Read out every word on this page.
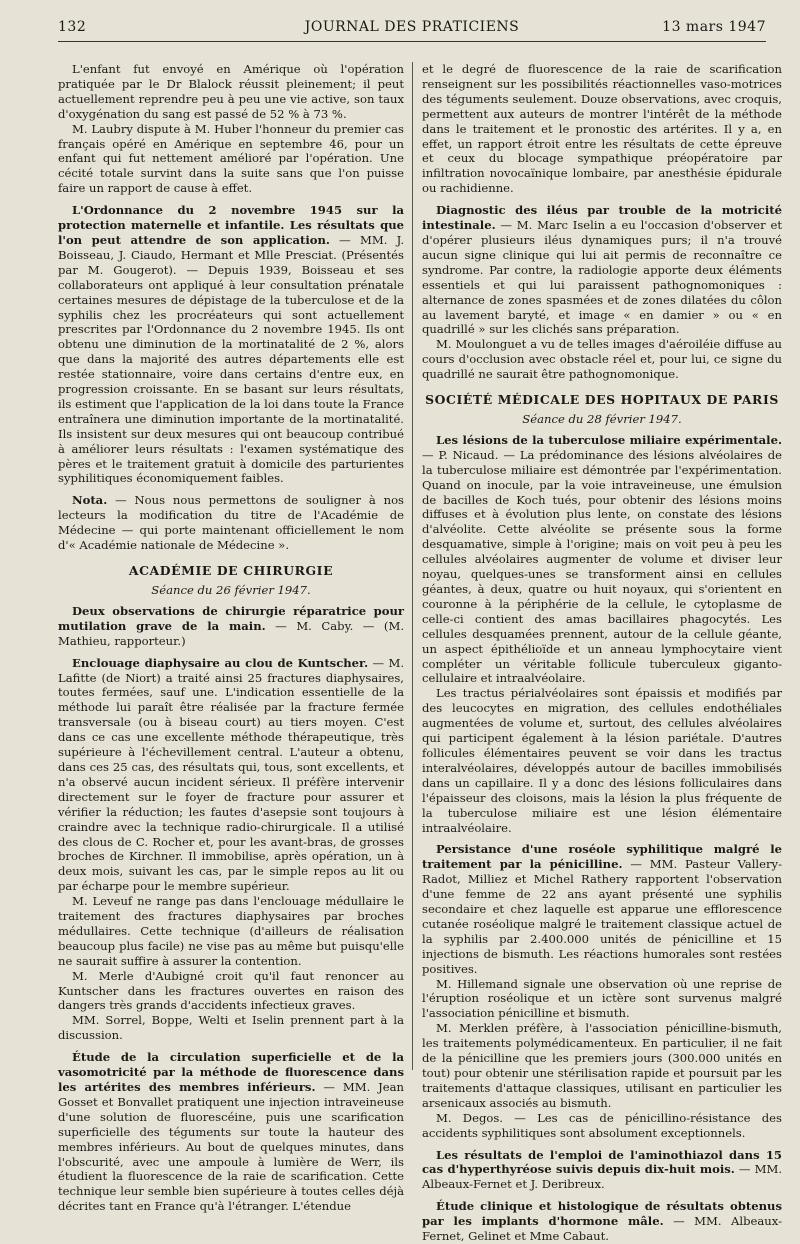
132	JOURNAL DES PRATICIENS	13 mars 1947

L'enfant fut envoyé en Amérique où l'opération pratiquée par le Dr Blalock réussit pleinement; il peut actuellement reprendre peu à peu une vie active, son taux d'oxygénation du sang est passé de 52 % à 73 %.

M. Laubry dispute à M. Huber l'honneur du premier cas français opéré en Amérique en septembre 46, pour un enfant qui fut nettement amélioré par l'opération. Une cécité totale survint dans la suite sans que l'on puisse faire un rapport de cause à effet.

L'Ordonnance du 2 novembre 1945 sur la protection maternelle et infantile. Les résultats que l'on peut attendre de son application. — MM. J. Boisseau, J. Ciaudo, Hermant et Mlle Presciat. (Présentés par M. Gougerot). — Depuis 1939, Boisseau et ses collaborateurs ont appliqué à leur consultation prénatale certaines mesures de dépistage de la tuberculose et de la syphilis chez les procréateurs qui sont actuellement prescrites par l'Ordonnance du 2 novembre 1945. Ils ont obtenu une diminution de la mortinatalité de 2 %, alors que dans la majorité des autres départements elle est restée stationnaire, voire dans certains d'entre eux, en progression croissante. En se basant sur leurs résultats, ils estiment que l'application de la loi dans toute la France entraînera une diminution importante de la mortinatalité. Ils insistent sur deux mesures qui ont beaucoup contribué à améliorer leurs résultats : l'examen systématique des pères et le traitement gratuit à domicile des parturientes syphilitiques économiquement faibles.

Nota. — Nous nous permettons de souligner à nos lecteurs la modification du titre de l'Académie de Médecine — qui porte maintenant officiellement le nom d'« Académie nationale de Médecine ».

ACADÉMIE DE CHIRURGIE

Séance du 26 février 1947.

Deux observations de chirurgie réparatrice pour mutilation grave de la main. — M. Caby. — (M. Mathieu, rapporteur.)

Enclouage diaphysaire au clou de Kuntscher. — M. Lafitte (de Niort) a traité ainsi 25 fractures diaphysaires, toutes fermées, sauf une. L'indication essentielle de la méthode lui paraît être réalisée par la fracture fermée transversale (ou à biseau court) au tiers moyen. C'est dans ce cas une excellente méthode thérapeutique, très supérieure à l'échevillement central. L'auteur a obtenu, dans ces 25 cas, des résultats qui, tous, sont excellents, et n'a observé aucun incident sérieux. Il préfère intervenir directement sur le foyer de fracture pour assurer et vérifier la réduction; les fautes d'asepsie sont toujours à craindre avec la technique radio-chirurgicale. Il a utilisé des clous de C. Rocher et, pour les avant-bras, de grosses broches de Kirchner. Il immobilise, après opération, un à deux mois, suivant les cas, par le simple repos au lit ou par écharpe pour le membre supérieur.

M. Leveuf ne range pas dans l'enclouage médullaire le traitement des fractures diaphysaires par broches médullaires. Cette technique (d'ailleurs de réalisation beaucoup plus facile) ne vise pas au même but puisqu'elle ne saurait suffire à assurer la contention.

M. Merle d'Aubigné croit qu'il faut renoncer au Kuntscher dans les fractures ouvertes en raison des dangers très grands d'accidents infectieux graves.

MM. Sorrel, Boppe, Welti et Iselin prennent part à la discussion.

Étude de la circulation superficielle et de la vasomotricité par la méthode de fluorescence dans les artérites des membres inférieurs. — MM. Jean Gosset et Bonvallet pratiquent une injection intraveineuse d'une solution de fluorescéine, puis une scarification superficielle des téguments sur toute la hauteur des membres inférieurs. Au bout de quelques minutes, dans l'obscurité, avec une ampoule à lumière de Werr, ils étudient la fluorescence de la raie de scarification. Cette technique leur semble bien supérieure à toutes celles déjà décrites tant en France qu'à l'étranger. L'étendue

et le degré de fluorescence de la raie de scarification renseignent sur les possibilités réactionnelles vaso-motrices des téguments seulement. Douze observations, avec croquis, permettent aux auteurs de montrer l'intérêt de la méthode dans le traitement et le pronostic des artérites. Il y a, en effet, un rapport étroit entre les résultats de cette épreuve et ceux du blocage sympathique préopératoire par infiltration novocaïnique lombaire, par anesthésie épidurale ou rachidienne.

Diagnostic des iléus par trouble de la motricité intestinale. — M. Marc Iselin a eu l'occasion d'observer et d'opérer plusieurs iléus dynamiques purs; il n'a trouvé aucun signe clinique qui lui ait permis de reconnaître ce syndrome. Par contre, la radiologie apporte deux éléments essentiels et qui lui paraissent pathognomoniques : alternance de zones spasmées et de zones dilatées du côlon au lavement baryté, et image « en damier » ou « en quadrillé » sur les clichés sans préparation.

M. Moulonguet a vu de telles images d'aéroiléie diffuse au cours d'occlusion avec obstacle réel et, pour lui, ce signe du quadrillé ne saurait être pathognomonique.

SOCIÉTÉ MÉDICALE DES HOPITAUX DE PARIS

Séance du 28 février 1947.

Les lésions de la tuberculose miliaire expérimentale. — P. Nicaud. — La prédominance des lésions alvéolaires de la tuberculose miliaire est démontrée par l'expérimentation. Quand on inocule, par la voie intraveineuse, une émulsion de bacilles de Koch tués, pour obtenir des lésions moins diffuses et à évolution plus lente, on constate des lésions d'alvéolite. Cette alvéolite se présente sous la forme desquamative, simple à l'origine; mais on voit peu à peu les cellules alvéolaires augmenter de volume et diviser leur noyau, quelques-unes se transforment ainsi en cellules géantes, à deux, quatre ou huit noyaux, qui s'orientent en couronne à la périphérie de la cellule, le cytoplasme de celle-ci contient des amas bacillaires phagocytés. Les cellules desquamées prennent, autour de la cellule géante, un aspect épithélioïde et un anneau lymphocytaire vient compléter un véritable follicule tuberculeux giganto-cellulaire et intraalvéolaire.

Les tractus périalvéolaires sont épaissis et modifiés par des leucocytes en migration, des cellules endothéliales augmentées de volume et, surtout, des cellules alvéolaires qui participent également à la lésion pariétale. D'autres follicules élémentaires peuvent se voir dans les tractus interalvéolaires, développés autour de bacilles immobilisés dans un capillaire. Il y a donc des lésions folliculaires dans l'épaisseur des cloisons, mais la lésion la plus fréquente de la tuberculose miliaire est une lésion élémentaire intraalvéolaire.

Persistance d'une roséole syphilitique malgré le traitement par la pénicilline. — MM. Pasteur Vallery-Radot, Milliez et Michel Rathery rapportent l'observation d'une femme de 22 ans ayant présenté une syphilis secondaire et chez laquelle est apparue une efflorescence cutanée roséolique malgré le traitement classique actuel de la syphilis par 2.400.000 unités de pénicilline et 15 injections de bismuth. Les réactions humorales sont restées positives.

M. Hillemand signale une observation où une reprise de l'éruption roséolique et un ictère sont survenus malgré l'association pénicilline et bismuth.

M. Merklen préfère, à l'association pénicilline-bismuth, les traitements polymédicamenteux. En particulier, il ne fait de la pénicilline que les premiers jours (300.000 unités en tout) pour obtenir une stérilisation rapide et poursuit par les traitements d'attaque classiques, utilisant en particulier les arsenicaux associés au bismuth.

M. Degos. — Les cas de pénicillino-résistance des accidents syphilitiques sont absolument exceptionnels.

Les résultats de l'emploi de l'aminothiazol dans 15 cas d'hyperthyréose suivis depuis dix-huit mois. — MM. Albeaux-Fernet et J. Deribreux.

Étude clinique et histologique de résultats obtenus par les implants d'hormone mâle. — MM. Albeaux-Fernet, Gelinet et Mme Cabaut.
